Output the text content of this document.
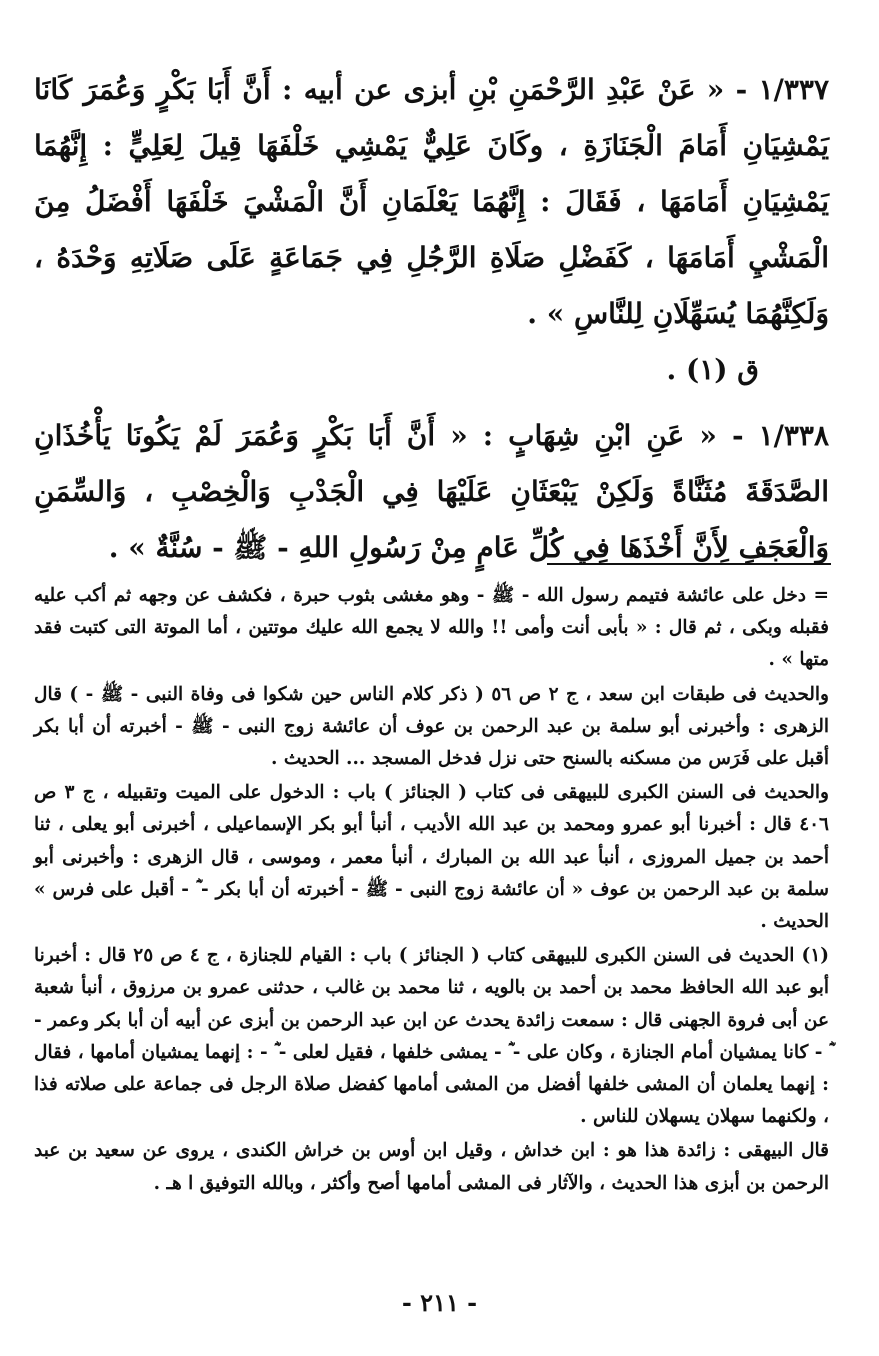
١/٣٣٧ - « عَنْ عَبْدِ الرَّحْمَنِ بْنِ أبزى عن أبيه : أَنَّ أَبَا بَكْرٍ وَعُمَرَ كَانَا يَمْشِيَانِ أَمَامَ الْجَنَازَةِ ، وكَانَ عَلِيٌّ يَمْشِي خَلْفَهَا قِيلَ لِعَلِيٍّ : إِنَّهُمَا يَمْشِيَانِ أَمَامَهَا ، فَقَالَ : إِنَّهُمَا يَعْلَمَانِ أَنَّ الْمَشْيَ خَلْفَهَا أَفْضَلُ مِنَ الْمَشْيِ أَمَامَهَا ، كَفَضْلِ صَلَاةِ الرَّجُلِ فِي جَمَاعَةٍ عَلَى صَلَاتِهِ وَحْدَهُ ، وَلَكِنَّهُمَا يُسَهِّلَانِ لِلنَّاسِ » .

ق (١) .

١/٣٣٨ - « عَنِ ابْنِ شِهَابٍ : « أَنَّ أَبَا بَكْرٍ وَعُمَرَ لَمْ يَكُونَا يَأْخُذَانِ الصَّدَقَةَ مُثَنَّاةً وَلَكِنْ يَبْعَثَانِ عَلَيْهَا فِي الْجَدْبِ وَالْخِصْبِ ، وَالسِّمَنِ وَالْعَجَفِ لِأَنَّ أَخْذَهَا فِي كُلِّ عَامٍ مِنْ رَسُولِ اللهِ - ﷺ - سُنَّةٌ » .

= دخل على عائشة فتيمم رسول الله - ﷺ - وهو مغشى بثوب حبرة ، فكشف عن وجهه ثم أكب عليه فقبله وبكى ، ثم قال : « بأبى أنت وأمى !! والله لا يجمع الله عليك موتتين ، أما الموتة التى كتبت فقد متها » .

والحديث فى طبقات ابن سعد ، ج ٢ ص ٥٦ ( ذكر كلام الناس حين شكوا فى وفاة النبى - ﷺ - ) قال الزهرى : وأخبرنى أبو سلمة بن عبد الرحمن بن عوف أن عائشة زوج النبى - ﷺ - أخبرته أن أبا بكر أقبل على فَرَس من مسكنه بالسنح حتى نزل فدخل المسجد ... الحديث .

والحديث فى السنن الكبرى للبيهقى فى كتاب ( الجنائز ) باب : الدخول على الميت وتقبيله ، ج ٣ ص ٤٠٦ قال : أخبرنا أبو عمرو ومحمد بن عبد الله الأديب ، أنبأ أبو بكر الإسماعيلى ، أخبرنى أبو يعلى ، ثنا أحمد بن جميل المروزى ، أنبأ عبد الله بن المبارك ، أنبأ معمر ، وموسى ، قال الزهرى : وأخبرنى أبو سلمة بن عبد الرحمن بن عوف « أن عائشة زوج النبى - ﷺ - أخبرته أن أبا بكر - ؓ - أقبل على فرس » الحديث .

(١) الحديث فى السنن الكبرى للبيهقى كتاب ( الجنائز ) باب : القيام للجنازة ، ج ٤ ص ٢٥ قال : أخبرنا أبو عبد الله الحافظ محمد بن أحمد بن بالويه ، ثنا محمد بن غالب ، حدثنى عمرو بن مرزوق ، أنبأ شعبة عن أبى فروة الجهنى قال : سمعت زائدة يحدث عن ابن عبد الرحمن بن أبزى عن أبيه أن أبا بكر وعمر - ؓ - كانا يمشيان أمام الجنازة ، وكان على - ؓ - يمشى خلفها ، فقيل لعلى - ؓ - : إنهما يمشيان أمامها ، فقال : إنهما يعلمان أن المشى خلفها أفضل من المشى أمامها كفضل صلاة الرجل فى جماعة على صلاته فذا ، ولكنهما سهلان يسهلان للناس .

قال البيهقى : زائدة هذا هو : ابن خداش ، وقيل ابن أوس بن خراش الكندى ، يروى عن سعيد بن عبد الرحمن بن أبزى هذا الحديث ، والآثار فى المشى أمامها أصح وأكثر ، وبالله التوفيق ا هـ .

- ٢١١ -
